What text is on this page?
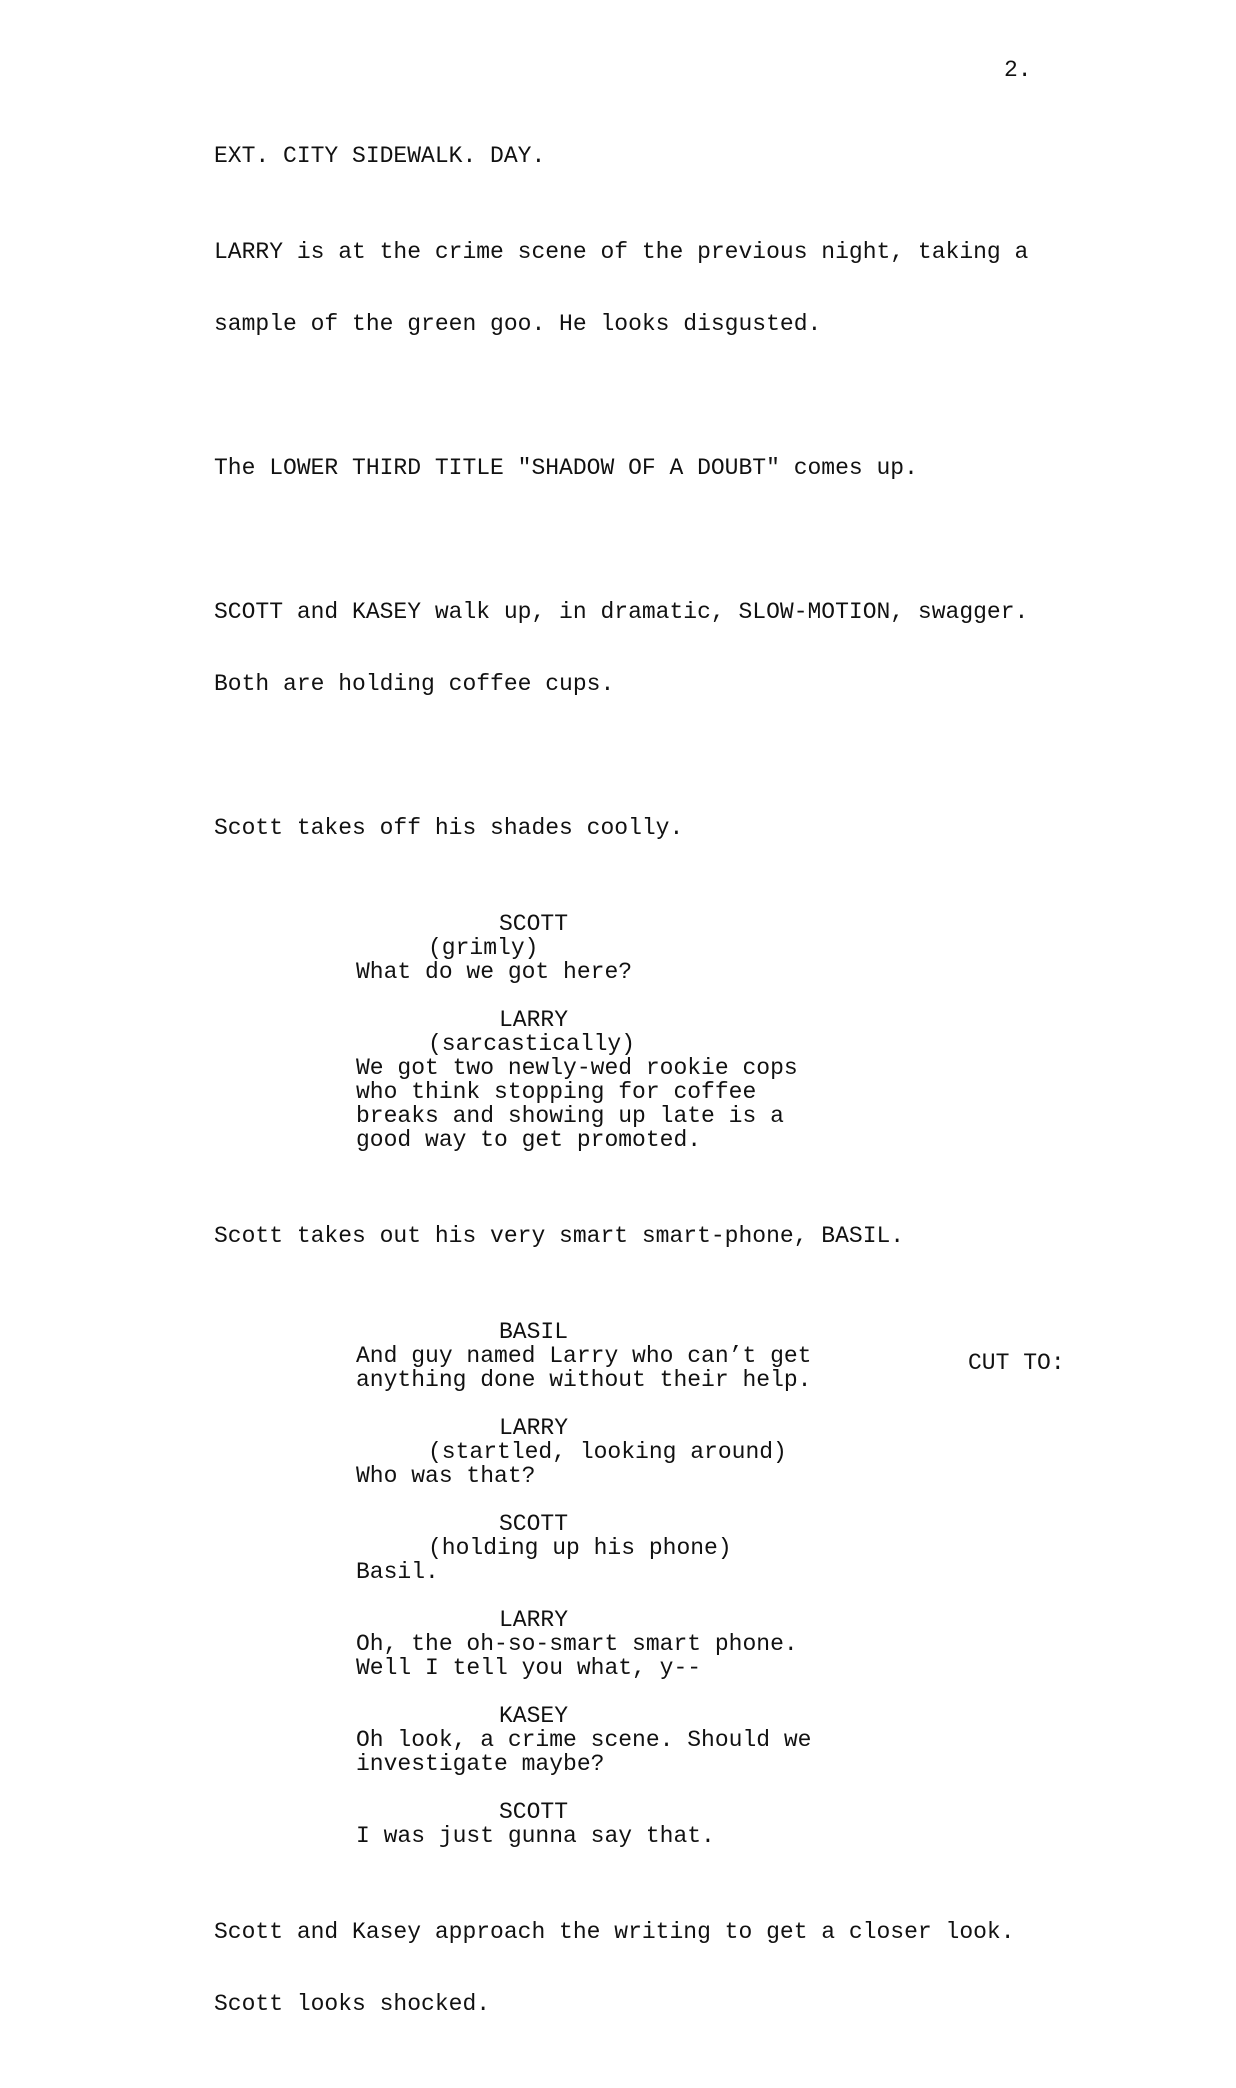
2.

EXT. CITY SIDEWALK. DAY.

LARRY is at the crime scene of the previous night, taking a

sample of the green goo. He looks disgusted.

The LOWER THIRD TITLE "SHADOW OF A DOUBT" comes up.

SCOTT and KASEY walk up, in dramatic, SLOW-MOTION, swagger.

Both are holding coffee cups.

Scott takes off his shades coolly.

SCOTT
(grimly)
What do we got here?
LARRY
(sarcastically)
We got two newly-wed rookie cops
who think stopping for coffee
breaks and showing up late is a
good way to get promoted.

Scott takes out his very smart smart-phone, BASIL.

BASIL
And guy named Larry who can’t get
anything done without their help.
LARRY
(startled, looking around)
Who was that?
SCOTT
(holding up his phone)
Basil.
LARRY
Oh, the oh-so-smart smart phone.
Well I tell you what, y--
KASEY
Oh look, a crime scene. Should we
investigate maybe?
SCOTT
I was just gunna say that.

Scott and Kasey approach the writing to get a closer look.

Scott looks shocked.

CUT TO:
